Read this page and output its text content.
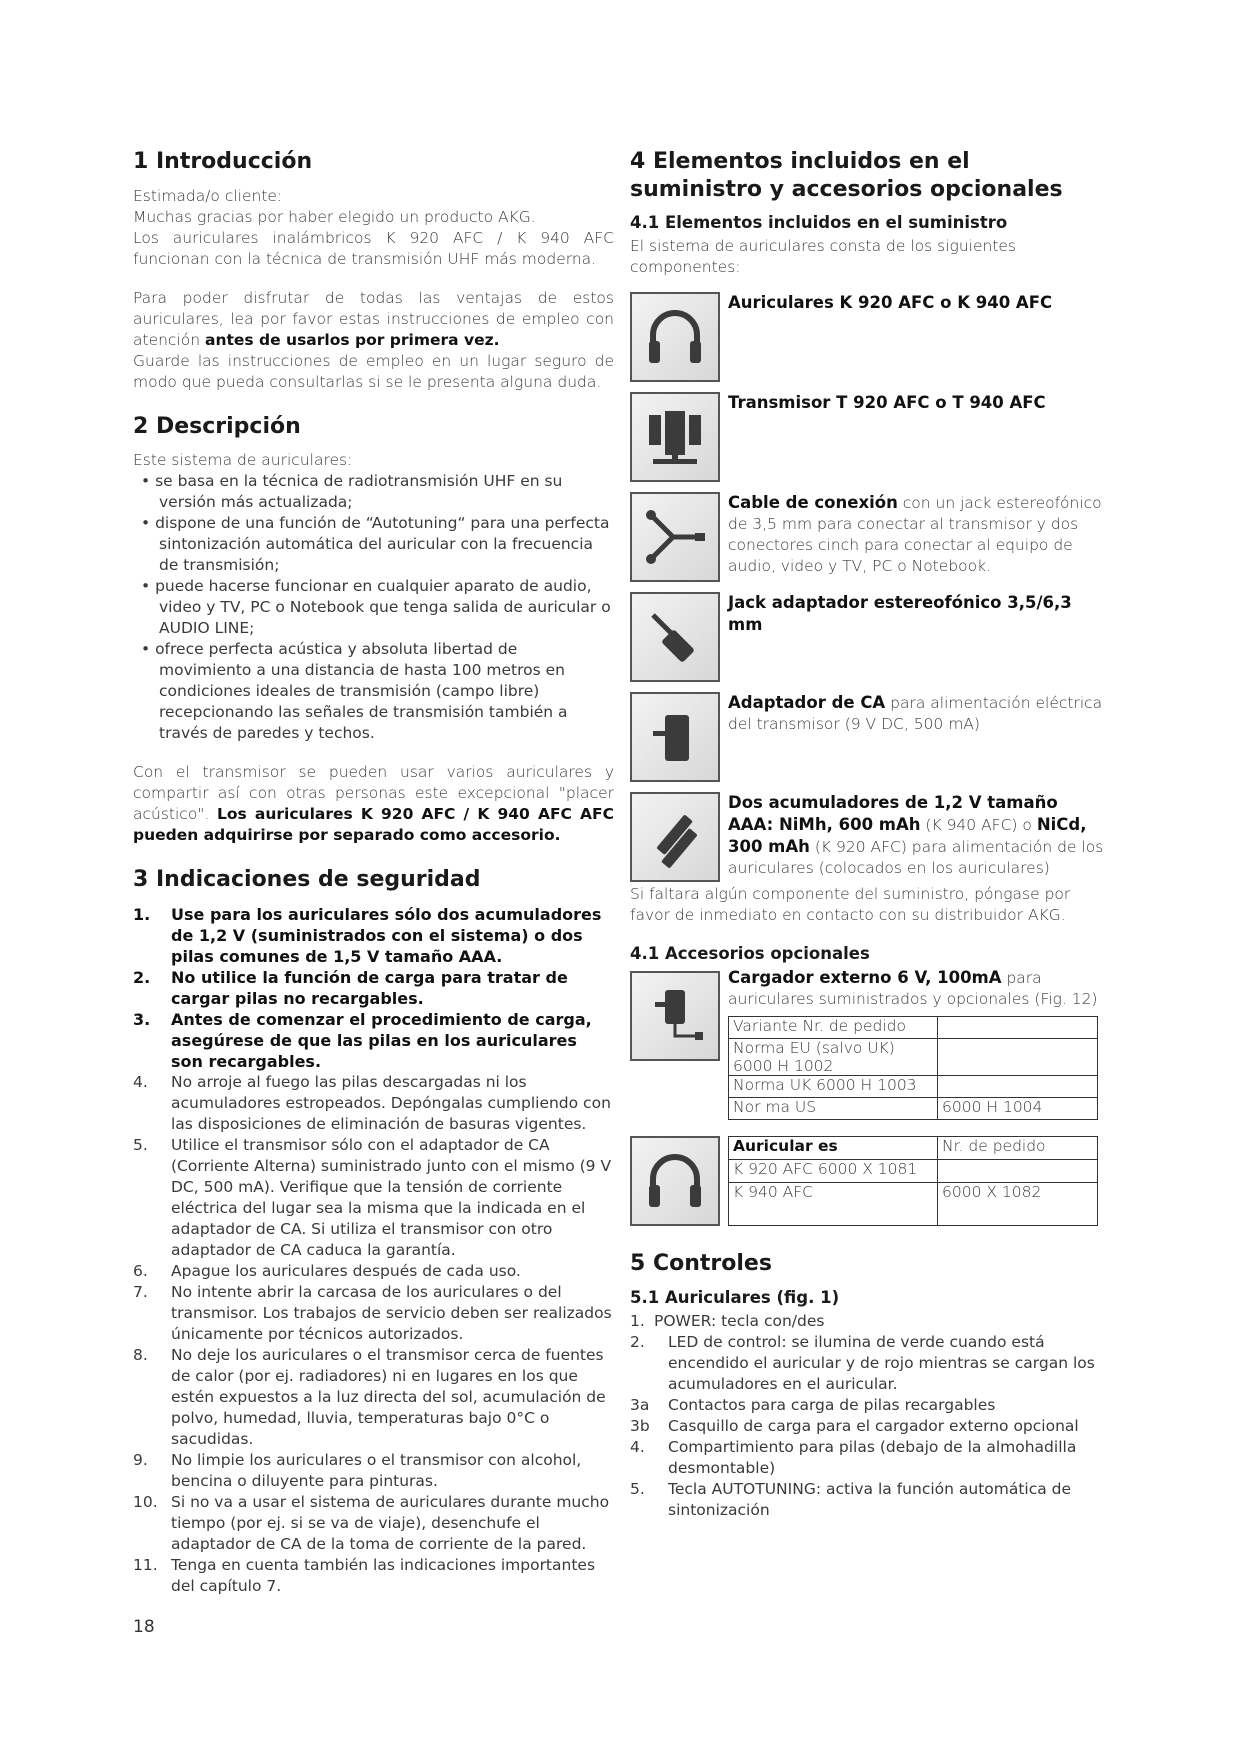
1 Introducción

Estimada/o cliente:

Muchas gracias por haber elegido un producto AKG.

Los auriculares inalámbricos K 920 AFC / K 940 AFC funcionan con la técnica de transmisión UHF más moderna.

Para poder disfrutar de todas las ventajas de estos auriculares, lea por favor estas instrucciones de empleo con atención antes de usarlos por primera vez.

Guarde las instrucciones de empleo en un lugar seguro de modo que pueda consultarlas si se le presenta alguna duda.

2 Descripción

Este sistema de auriculares:

• se basa en la técnica de radiotransmisión UHF en su versión más actualizada;
• dispone de una función de “Autotuning“ para una perfecta sintonización automática del auricular con la frecuencia de transmisión;
• puede hacerse funcionar en cualquier aparato de audio, video y TV, PC o Notebook que tenga salida de auricular o AUDIO LINE;
• ofrece perfecta acústica y absoluta libertad de movimiento a una distancia de hasta 100 metros en condiciones ideales de transmisión (campo libre) recepcionando las señales de transmisión también a través de paredes y techos.

Con el transmisor se pueden usar varios auriculares y compartir así con otras personas este excepcional "placer acústico". Los auriculares K 920 AFC / K 940 AFC AFC pueden adquirirse por separado como accesorio.

3 Indicaciones de seguridad
1. Use para los auriculares sólo dos acumuladores de 1,2 V (suministrados con el sistema) o dos pilas comunes de 1,5 V tamaño AAA.
2. No utilice la función de carga para tratar de cargar pilas no recargables.
3. Antes de comenzar el procedimiento de carga, asegúrese de que las pilas en los auriculares son recargables.
4. No arroje al fuego las pilas descargadas ni los acumuladores estropeados. Depóngalas cumpliendo con las disposiciones de eliminación de basuras vigentes.
5. Utilice el transmisor sólo con el adaptador de CA (Corriente Alterna) suministrado junto con el mismo (9 V DC, 500 mA). Verifique que la tensión de corriente eléctrica del lugar sea la misma que la indicada en el adaptador de CA. Si utiliza el transmisor con otro adaptador de CA caduca la garantía.
6. Apague los auriculares después de cada uso.
7. No intente abrir la carcasa de los auriculares o del transmisor. Los trabajos de servicio deben ser realizados únicamente por técnicos autorizados.
8. No deje los auriculares o el transmisor cerca de fuentes de calor (por ej. radiadores) ni en lugares en los que estén expuestos a la luz directa del sol, acumulación de polvo, humedad, lluvia, temperaturas bajo 0°C o sacudidas.
9. No limpie los auriculares o el transmisor con alcohol, bencina o diluyente para pinturas.
10. Si no va a usar el sistema de auriculares durante mucho tiempo (por ej. si se va de viaje), desenchufe el adaptador de CA de la toma de corriente de la pared.
11. Tenga en cuenta también las indicaciones importantes del capítulo 7.
4 Elementos incluidos en el suministro y accesorios opcionales
4.1 Elementos incluidos en el suministro

El sistema de auriculares consta de los siguientes componentes:

Auriculares K 920 AFC o K 940 AFC
Transmisor T 920 AFC o T 940 AFC
Cable de conexión con un jack estereofónico de 3,5 mm para conectar al transmisor y dos conectores cinch para conectar al equipo de audio, video y TV, PC o Notebook.
Jack adaptador estereofónico 3,5/6,3 mm
Adaptador de CA para alimentación eléctrica del transmisor (9 V DC, 500 mA)
Dos acumuladores de 1,2 V tamaño AAA: NiMh, 600 mAh (K 940 AFC) o NiCd, 300 mAh (K 920 AFC) para alimentación de los auriculares (colocados en los auriculares)

Si faltara algún componente del suministro, póngase por favor de inmediato en contacto con su distribuidor AKG.

4.1 Accesorios opcionales
Cargador externo 6 V, 100mA para auriculares suministrados y opcionales (Fig. 12)
Variante Nr. de pedido	
Norma EU (salvo UK) 6000 H 1002	
Norma UK 6000 H 1003	
Nor ma US	6000 H 1004
Auricular es	Nr. de pedido
K 920 AFC 6000 X 1081	
K 940 AFC	6000 X 1082
5 Controles
5.1 Auriculares (fig. 1)
1. POWER: tecla con/des
2. LED de control: se ilumina de verde cuando está encendido el auricular y de rojo mientras se cargan los acumuladores en el auricular.
3a Contactos para carga de pilas recargables
3b Casquillo de carga para el cargador externo opcional
4. Compartimiento para pilas (debajo de la almohadilla desmontable)
5. Tecla AUTOTUNING: activa la función automática de sintonización
18
